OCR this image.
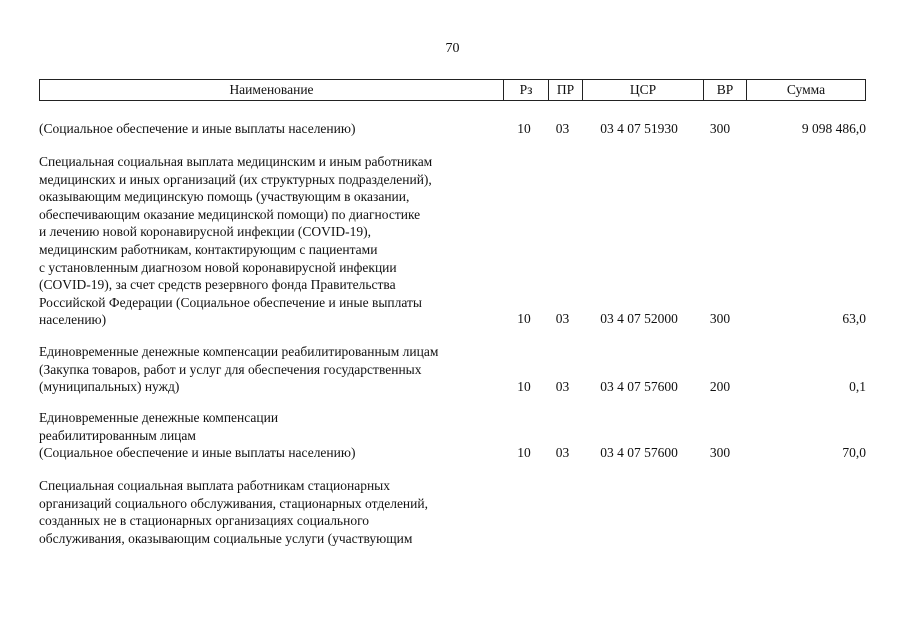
70
Наименование	Рз	ПР	ЦСР	ВР	Сумма
(Социальное обеспечение и иные выплаты населению)	10	03	03 4 07 51930	300	9 098 486,0
Специальная социальная выплата медицинским и иным работникам
медицинских и иных организаций (их структурных подразделений),
оказывающим медицинскую помощь (участвующим в оказании,
обеспечивающим оказание медицинской помощи) по диагностике
и лечению новой коронавирусной инфекции (COVID-19),
медицинским работникам, контактирующим с пациентами
с установленным диагнозом новой коронавирусной инфекции
(COVID-19), за счет средств резервного фонда Правительства
Российской Федерации (Социальное обеспечение и иные выплаты
населению)	10	03	03 4 07 52000	300	63,0
Единовременные денежные компенсации реабилитированным лицам
(Закупка товаров, работ и услуг для обеспечения государственных
(муниципальных) нужд)	10	03	03 4 07 57600	200	0,1
Единовременные денежные компенсации
реабилитированным лицам
(Социальное обеспечение и иные выплаты населению)	10	03	03 4 07 57600	300	70,0
Специальная социальная выплата работникам стационарных
организаций социального обслуживания, стационарных отделений,
созданных не в стационарных организациях социального
обслуживания, оказывающим социальные услуги (участвующим
